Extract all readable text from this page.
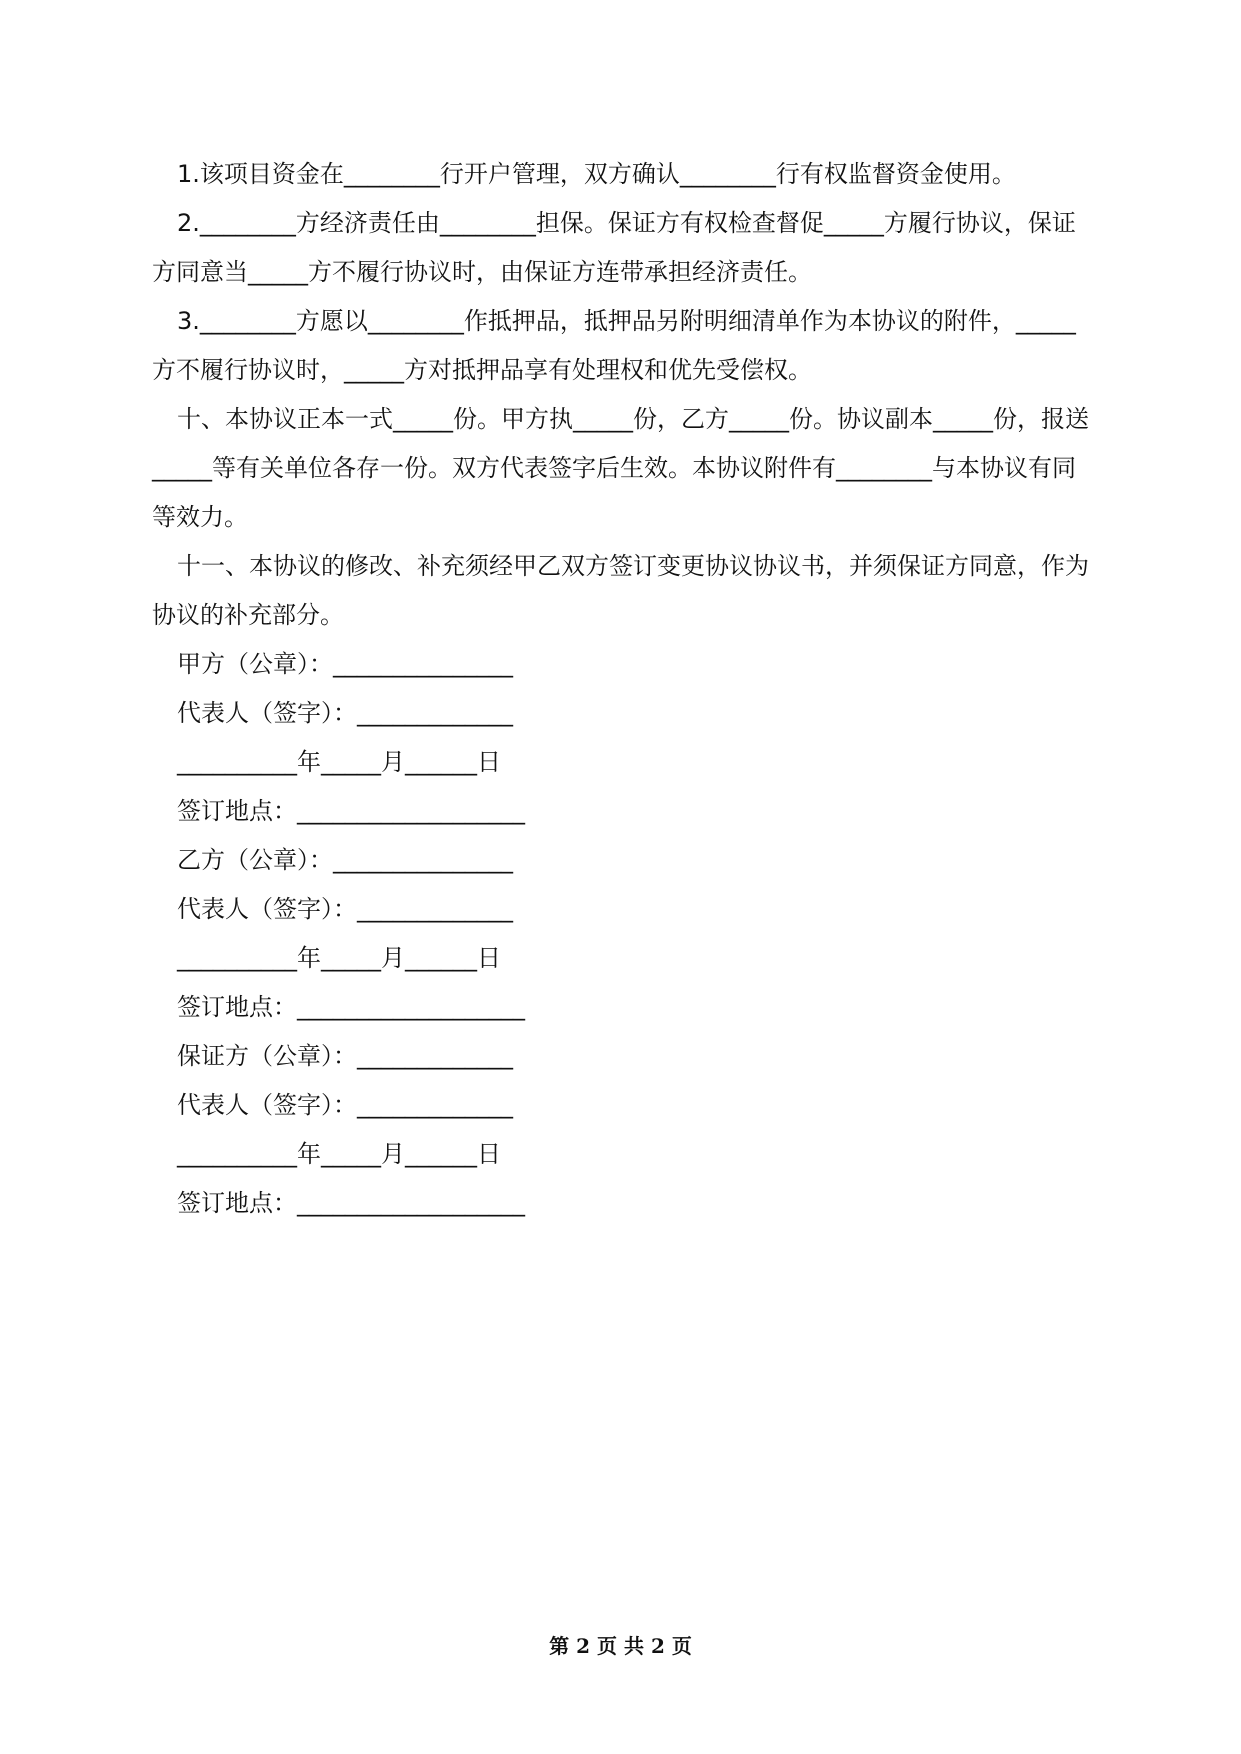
1.该项目资金在________行开户管理，双方确认________行有权监督资金使用。

2.________方经济责任由________担保。保证方有权检查督促_____方履行协议，保证方同意当_____方不履行协议时，由保证方连带承担经济责任。

3.________方愿以________作抵押品，抵押品另附明细清单作为本协议的附件，_____方不履行协议时，_____方对抵押品享有处理权和优先受偿权。

十、本协议正本一式_____份。甲方执_____份，乙方_____份。协议副本_____份，报送_____等有关单位各存一份。双方代表签字后生效。本协议附件有________与本协议有同等效力。

十一、本协议的修改、补充须经甲乙双方签订变更协议协议书，并须保证方同意，作为协议的补充部分。

甲方（公章）：_______________

代表人（签字）：_____________

__________年_____月______日

签订地点：___________________

乙方（公章）：_______________

代表人（签字）：_____________

__________年_____月______日

签订地点：___________________

保证方（公章）：_____________

代表人（签字）：_____________

__________年_____月______日

签订地点：___________________

第 2 页 共 2 页
